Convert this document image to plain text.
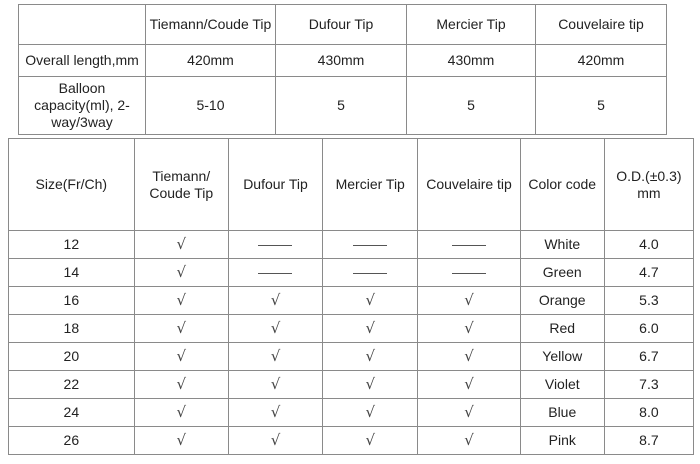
	Tiemann/Coude Tip	Dufour Tip	Mercier Tip	Couvelaire tip
Overall length,mm	420mm	430mm	430mm	420mm
Balloon capacity(ml), 2-way/3way	5-10	5	5	5
Size(Fr/Ch)	Tiemann/ Coude Tip	Dufour Tip	Mercier Tip	Couvelaire tip	Color code	O.D.(±0.3) mm
12	√				White	4.0
14	√				Green	4.7
16	√	√	√	√	Orange	5.3
18	√	√	√	√	Red	6.0
20	√	√	√	√	Yellow	6.7
22	√	√	√	√	Violet	7.3
24	√	√	√	√	Blue	8.0
26	√	√	√	√	Pink	8.7
